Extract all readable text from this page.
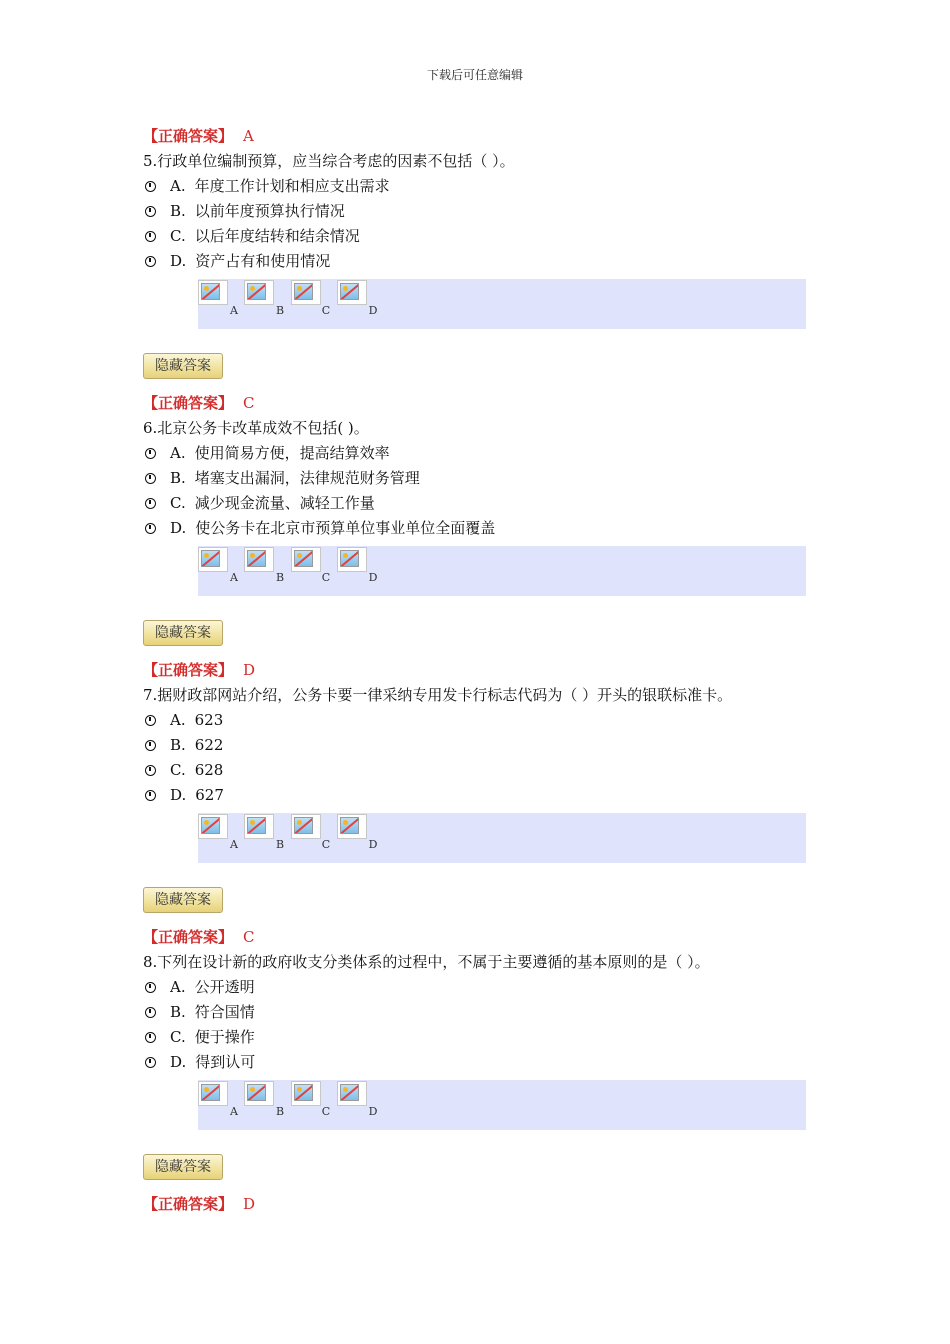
下载后可任意编辑
【正确答案】 A
5.行政单位编制预算，应当综合考虑的因素不包括（ ）。
A. 年度工作计划和相应支出需求
B. 以前年度预算执行情况
C. 以后年度结转和结余情况
D. 资产占有和使用情况
A	B	C	D
隐藏答案
【正确答案】 C
6.北京公务卡改革成效不包括( )。
A. 使用简易方便，提高结算效率
B. 堵塞支出漏洞，法律规范财务管理
C. 减少现金流量、减轻工作量
D. 使公务卡在北京市预算单位事业单位全面覆盖
A	B	C	D
隐藏答案
【正确答案】 D
7.据财政部网站介绍，公务卡要一律采纳专用发卡行标志代码为（ ）开头的银联标准卡。
A. 623
B. 622
C. 628
D. 627
A	B	C	D
隐藏答案
【正确答案】 C
8.下列在设计新的政府收支分类体系的过程中，不属于主要遵循的基本原则的是（ ）。
A. 公开透明
B. 符合国情
C. 便于操作
D. 得到认可
A	B	C	D
隐藏答案
【正确答案】 D
